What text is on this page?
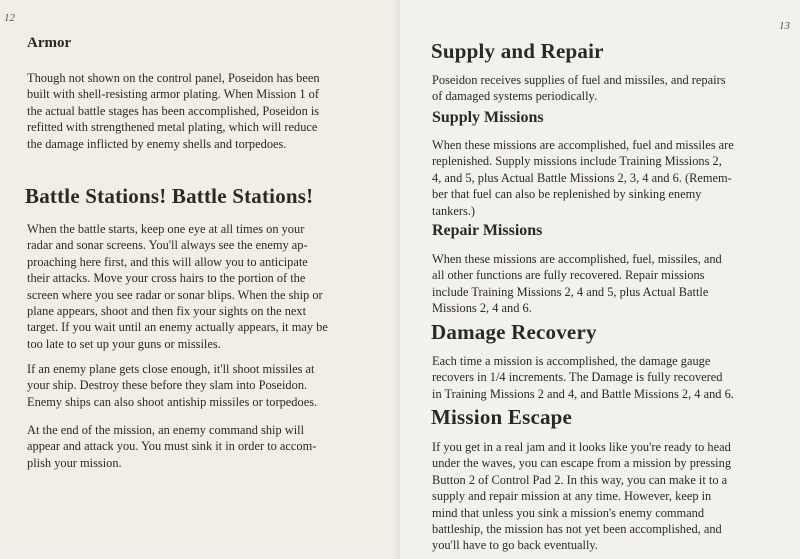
12
Armor

Though not shown on the control panel, Poseidon has been
built with shell-resisting armor plating. When Mission 1 of
the actual battle stages has been accomplished, Poseidon is
refitted with strengthened metal plating, which will reduce
the damage inflicted by enemy shells and torpedoes.

Battle Stations! Battle Stations!

When the battle starts, keep one eye at all times on your
radar and sonar screens. You'll always see the enemy ap-
proaching here first, and this will allow you to anticipate
their attacks. Move your cross hairs to the portion of the
screen where you see radar or sonar blips. When the ship or
plane appears, shoot and then fix your sights on the next
target. If you wait until an enemy actually appears, it may be
too late to set up your guns or missiles.

If an enemy plane gets close enough, it'll shoot missiles at
your ship. Destroy these before they slam into Poseidon.
Enemy ships can also shoot antiship missiles or torpedoes.

At the end of the mission, an enemy command ship will
appear and attack you. You must sink it in order to accom-
plish your mission.

13
Supply and Repair

Poseidon receives supplies of fuel and missiles, and repairs
of damaged systems periodically.

Supply Missions

When these missions are accomplished, fuel and missiles are
replenished. Supply missions include Training Missions 2,
4, and 5, plus Actual Battle Missions 2, 3, 4 and 6. (Remem-
ber that fuel can also be replenished by sinking enemy
tankers.)

Repair Missions

When these missions are accomplished, fuel, missiles, and
all other functions are fully recovered. Repair missions
include Training Missions 2, 4 and 5, plus Actual Battle
Missions 2, 4 and 6.

Damage Recovery

Each time a mission is accomplished, the damage gauge
recovers in 1/4 increments. The Damage is fully recovered
in Training Missions 2 and 4, and Battle Missions 2, 4 and 6.

Mission Escape

If you get in a real jam and it looks like you're ready to head
under the waves, you can escape from a mission by pressing
Button 2 of Control Pad 2. In this way, you can make it to a
supply and repair mission at any time. However, keep in
mind that unless you sink a mission's enemy command
battleship, the mission has not yet been accomplished, and
you'll have to go back eventually.
